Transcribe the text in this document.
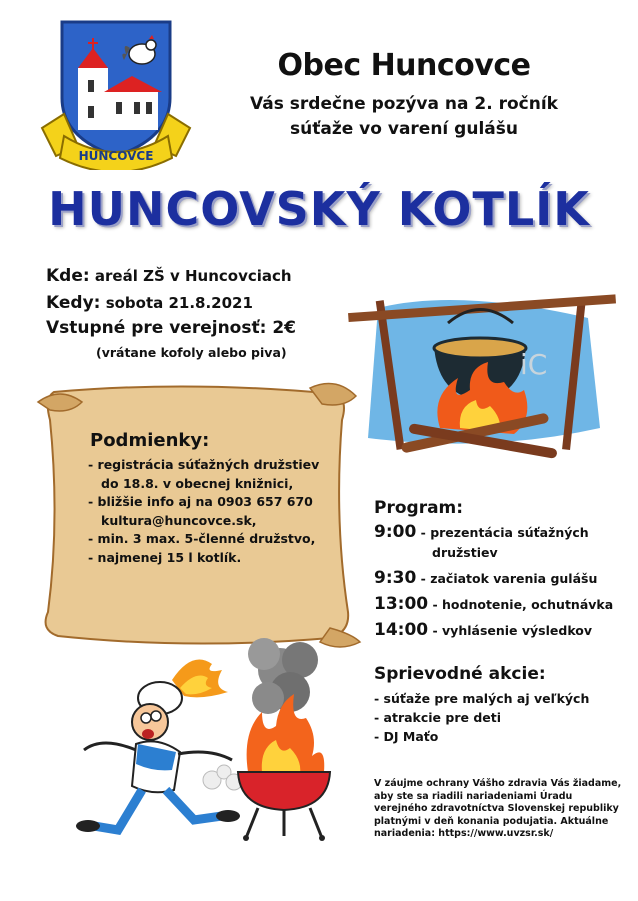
HUNCOVCE
Obec Huncovce
Vás srdečne pozýva na 2. ročník
súťaže vo varení gulášu
HUNCOVSKÝ KOTLÍK
Kde: areál ZŠ v Huncovciach
Kedy: sobota 21.8.2021
Vstupné pre verejnosť: 2€
(vrátane kofoly alebo piva)	iC
Podmienky:
- registrácia súťažných družstiev
do 18.8. v obecnej knižnici,
- bližšie info aj na 0903 657 670
kultura@huncovce.sk,
- min. 3 max. 5-členné družstvo,
- najmenej 15 l kotlík.
Program:
9:00 - prezentácia súťažných
družstiev
9:30 - začiatok varenia gulášu
13:00 - hodnotenie, ochutnávka
14:00 - vyhlásenie výsledkov
Sprievodné akcie:
- súťaže pre malých aj veľkých
- atrakcie pre deti
- DJ Maťo
V záujme ochrany Vášho zdravia Vás žiadame, aby ste sa riadili nariadeniami Úradu verejného zdravotníctva Slovenskej republiky platnými v deň konania podujatia. Aktuálne nariadenia: https://www.uvzsr.sk/
